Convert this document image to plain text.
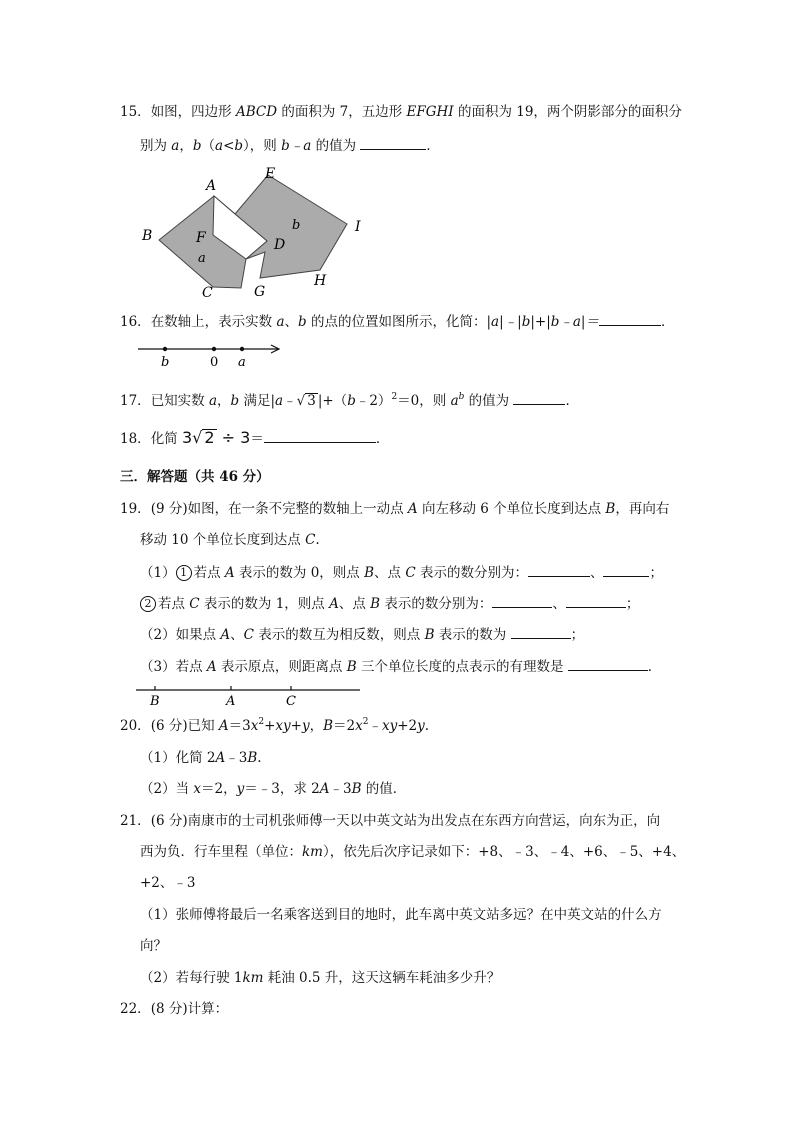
15．如图，四边形 ABCD 的面积为 7，五边形 EFGHI 的面积为 19，两个阴影部分的面积分
别为 a，b（a<b），则 b﹣a 的值为	．
A
B
C
D
E
F
G
H
I
a
b
16．在数轴上，表示实数 a、b 的点的位置如图所示，化简：|a|﹣|b|+|b﹣a|＝	．
b	0 a
17．已知实数 a，b 满足|a﹣√ 3 |+（b﹣2）$^2$＝0，则 $a^b$ 的值为	．
18．化简 3√ 2 ÷ 3＝	．
三．解答题（共 46 分）
19．(9 分)如图，在一条不完整的数轴上一动点 A 向左移动 6 个单位长度到达点 B，再向右
移动 10 个单位长度到达点 C.
（1） 1 若点 A 表示的数为 0，则点 B、点 C 表示的数分别为：	、	；
2 若点 C 表示的数为 1，则点 A、点 B 表示的数分别为：	、	；
（2）如果点 A、C 表示的数互为相反数，则点 B 表示的数为	；
（3）若点 A 表示原点，则距离点 B 三个单位长度的点表示的有理数是	．
B	A	C
20．(6 分)已知 $A=3x^2+xy+y$，$B=2x^2﹣xy+2y$.
（1）化简 2A﹣3B.
（2）当 x＝2，y＝﹣3，求 2A﹣3B 的值．
21．(6 分)南康市的士司机张师傅一天以中英文站为出发点在东西方向营运，向东为正，向
西为负．行车里程（单位：km），依先后次序记录如下：+8、﹣3、﹣4、+6、﹣5、+4、
+2、﹣3
（1）张师傅将最后一名乘客送到目的地时，此车离中英文站多远？在中英文站的什么方
向？
（2）若每行驶 1km 耗油 0.5 升，这天这辆车耗油多少升？
22．(8 分)计算：
